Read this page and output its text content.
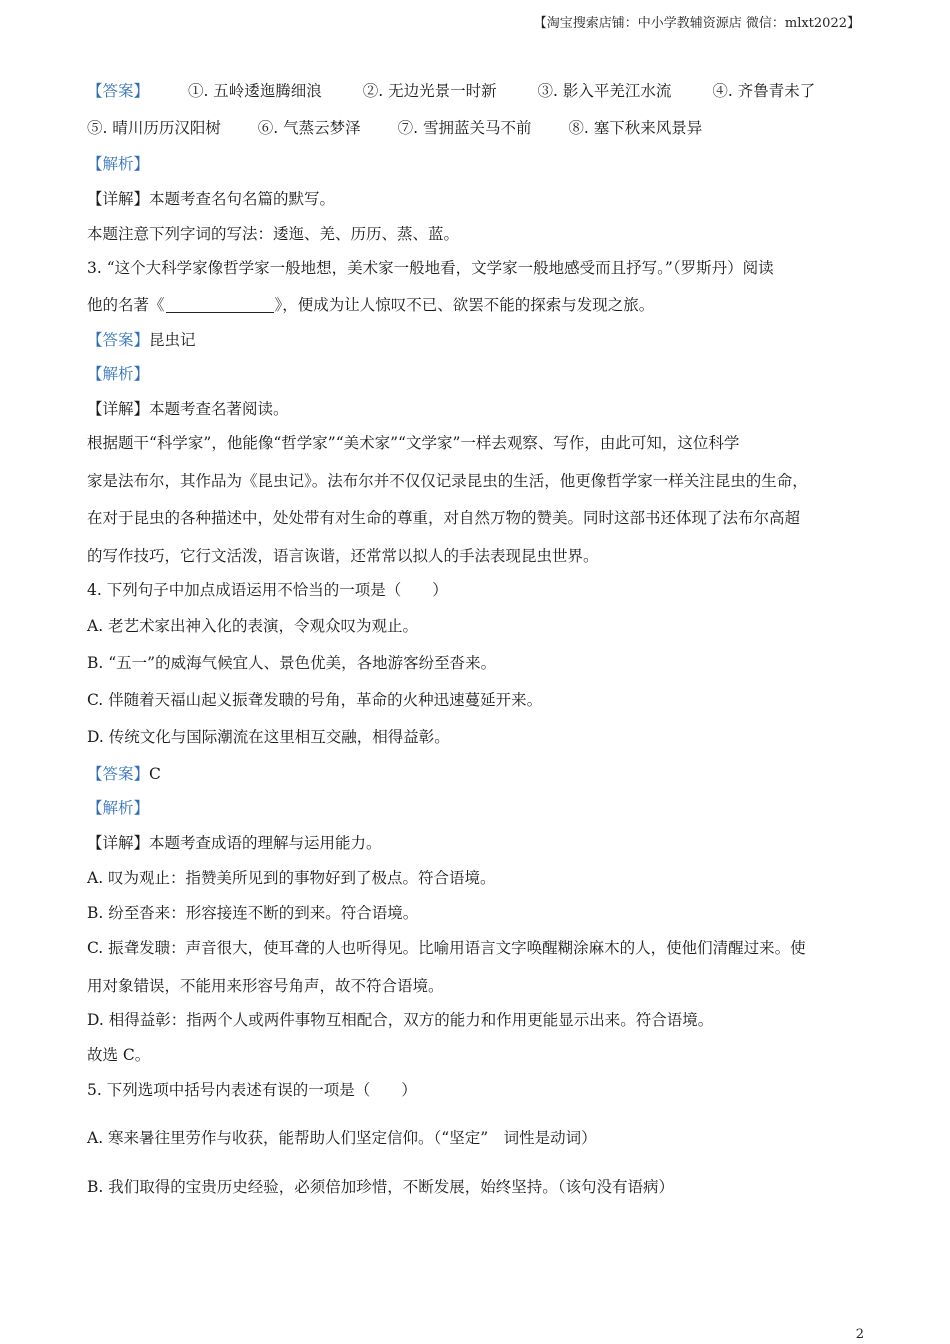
【淘宝搜索店铺：中小学教辅资源店 微信：mlxt2022】
【答案】	①. 五岭逶迤腾细浪	②. 无边光景一时新	③. 影入平羌江水流	④. 齐鲁青未了
⑤. 晴川历历汉阳树 ⑥. 气蒸云梦泽 ⑦. 雪拥蓝关马不前 ⑧. 塞下秋来风景异
【解析】
【详解】本题考查名句名篇的默写。
本题注意下列字词的写法：逶迤、羌、历历、蒸、蓝。
3. “这个大科学家像哲学家一般地想，美术家一般地看，文学家一般地感受而且抒写。”（罗斯丹）阅读
他的名著《	》，便成为让人惊叹不已、欲罢不能的探索与发现之旅。
【答案】昆虫记
【解析】
【详解】本题考查名著阅读。
根据题干“科学家”，他能像“哲学家”“美术家”“文学家”一样去观察、写作，由此可知，这位科学
家是法布尔，其作品为《昆虫记》。法布尔并不仅仅记录昆虫的生活，他更像哲学家一样关注昆虫的生命，
在对于昆虫的各种描述中，处处带有对生命的尊重，对自然万物的赞美。同时这部书还体现了法布尔高超
的写作技巧，它行文活泼，语言诙谐，还常常以拟人的手法表现昆虫世界。
4. 下列句子中加点成语运用不恰当的一项是（　　）
A. 老艺术家出神入化的表演，令观众叹为观止。
B. “五一”的威海气候宜人、景色优美，各地游客纷至沓来。
C. 伴随着天福山起义振聋发聩的号角，革命的火种迅速蔓延开来。
D. 传统文化与国际潮流在这里相互交融，相得益彰。
【答案】C
【解析】
【详解】本题考查成语的理解与运用能力。
A. 叹为观止：指赞美所见到的事物好到了极点。符合语境。
B. 纷至沓来：形容接连不断的到来。符合语境。
C. 振聋发聩：声音很大，使耳聋的人也听得见。比喻用语言文字唤醒糊涂麻木的人，使他们清醒过来。使
用对象错误，不能用来形容号角声，故不符合语境。
D. 相得益彰：指两个人或两件事物互相配合，双方的能力和作用更能显示出来。符合语境。
故选 C。
5. 下列选项中括号内表述有误的一项是（　　）
A. 寒来暑往里劳作与收获，能帮助人们坚定信仰。（“坚定”　词性是动词）
B. 我们取得的宝贵历史经验，必须倍加珍惜，不断发展，始终坚持。（该句没有语病）
2
